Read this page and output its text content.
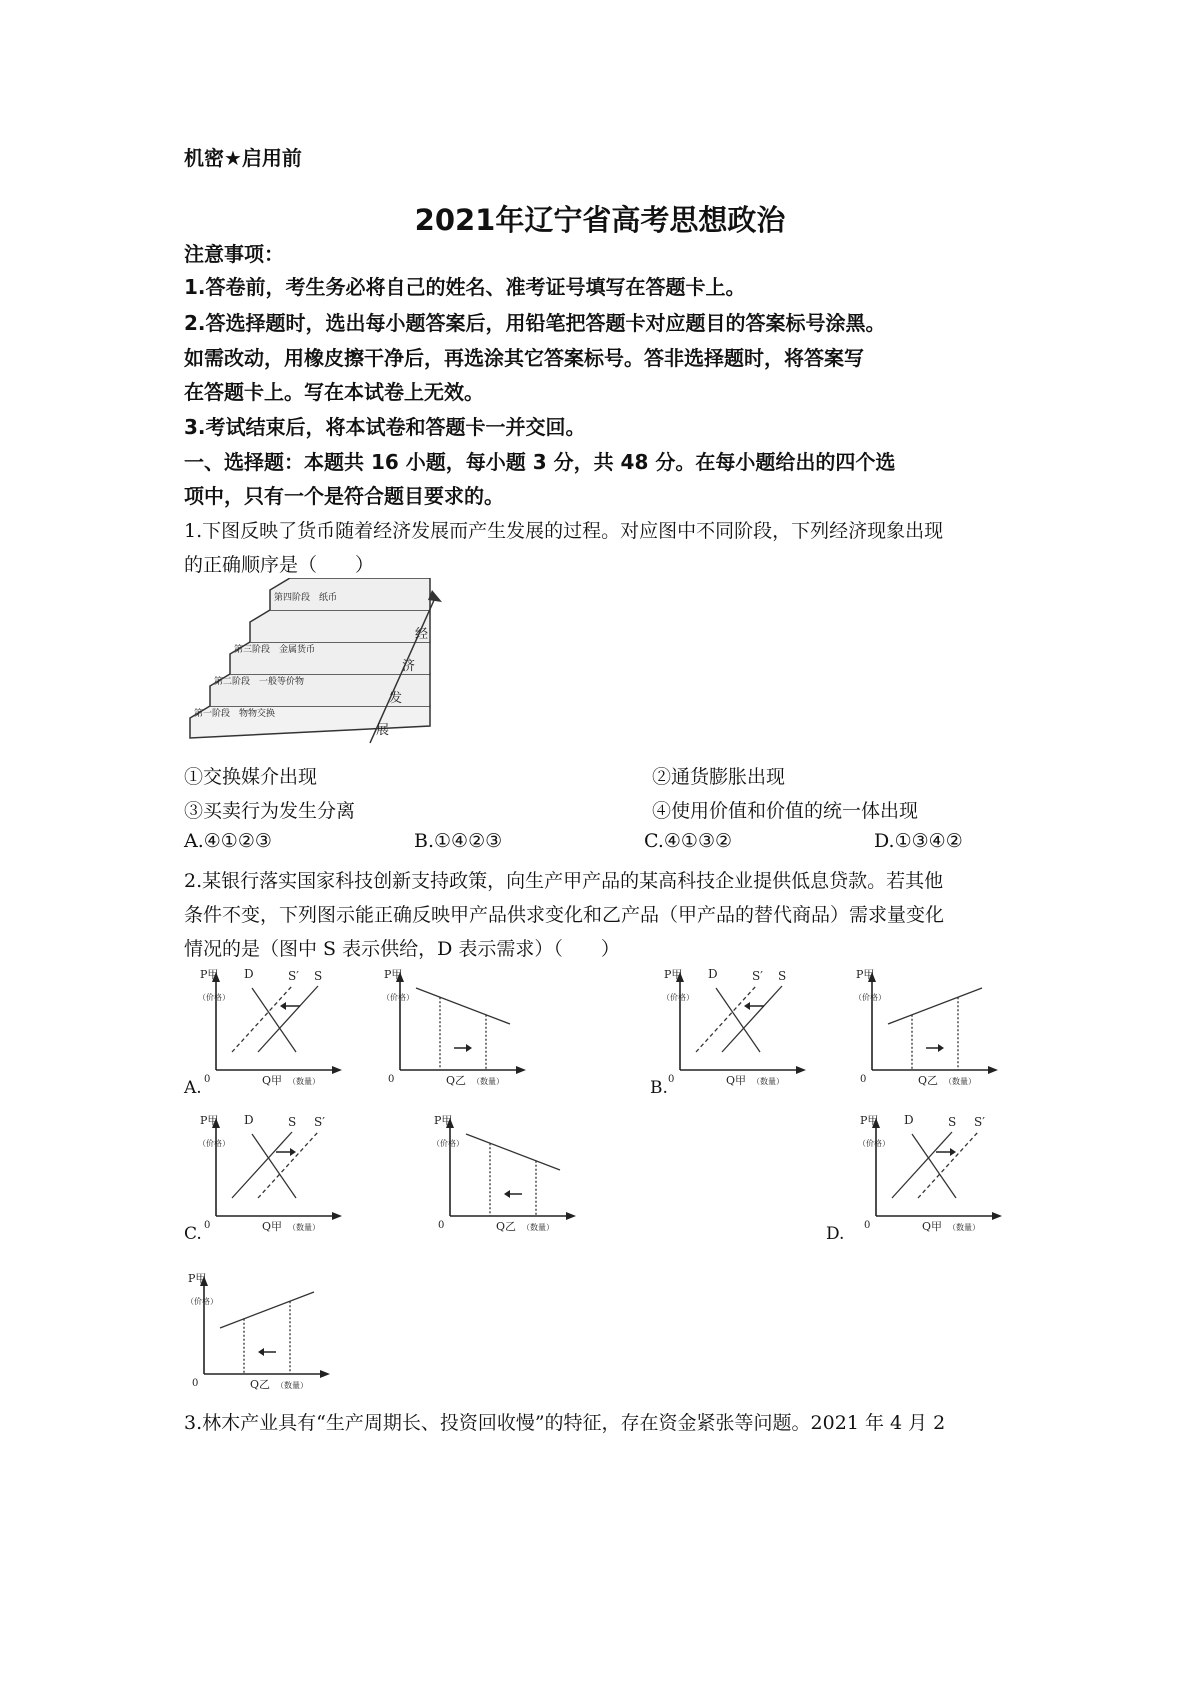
机密★启用前
2021年辽宁省高考思想政治
注意事项：
1.答卷前，考生务必将自己的姓名、准考证号填写在答题卡上。
2.答选择题时，选出每小题答案后，用铅笔把答题卡对应题目的答案标号涂黑。
如需改动，用橡皮擦干净后，再选涂其它答案标号。答非选择题时，将答案写
在答题卡上。写在本试卷上无效。
3.考试结束后，将本试卷和答题卡一并交回。
一、选择题：本题共 16 小题，每小题 3 分，共 48 分。在每小题给出的四个选
项中，只有一个是符合题目要求的。
1.下图反映了货币随着经济发展而产生发展的过程。对应图中不同阶段，下列经济现象出现
的正确顺序是（　　）
第一阶段　物物交换
第二阶段　一般等价物
第三阶段　金属货币
第四阶段　纸币
经
济
发
展
①交换媒介出现	②通货膨胀出现
③买卖行为发生分离	④使用价值和价值的统一体出现
A.④①②③	B.①④②③	C.④①③②	D.①③④②
2.某银行落实国家科技创新支持政策，向生产甲产品的某高科技企业提供低息贷款。若其他
条件不变，下列图示能正确反映甲产品供求变化和乙产品（甲产品的替代商品）需求量变化
情况的是（图中 S 表示供给，D 表示需求）（　　）
A.	B.
C.	D.
P甲
（价格）
0	Q甲 （数量）
D	S
S′	P甲
（价格）
0	Q乙 （数量）
P甲
（价格）
0	Q甲 （数量）
D	S
S′	P甲
（价格）
0	Q乙 （数量）
P甲
（价格）
0	Q甲 （数量）
D	S S′	P甲
（价格）
0	Q乙 （数量）
P甲
（价格）
0	Q甲 （数量）
D	S S′
P甲
（价格）
0	Q乙 （数量）
3.林木产业具有“生产周期长、投资回收慢”的特征，存在资金紧张等问题。2021 年 4 月 2
